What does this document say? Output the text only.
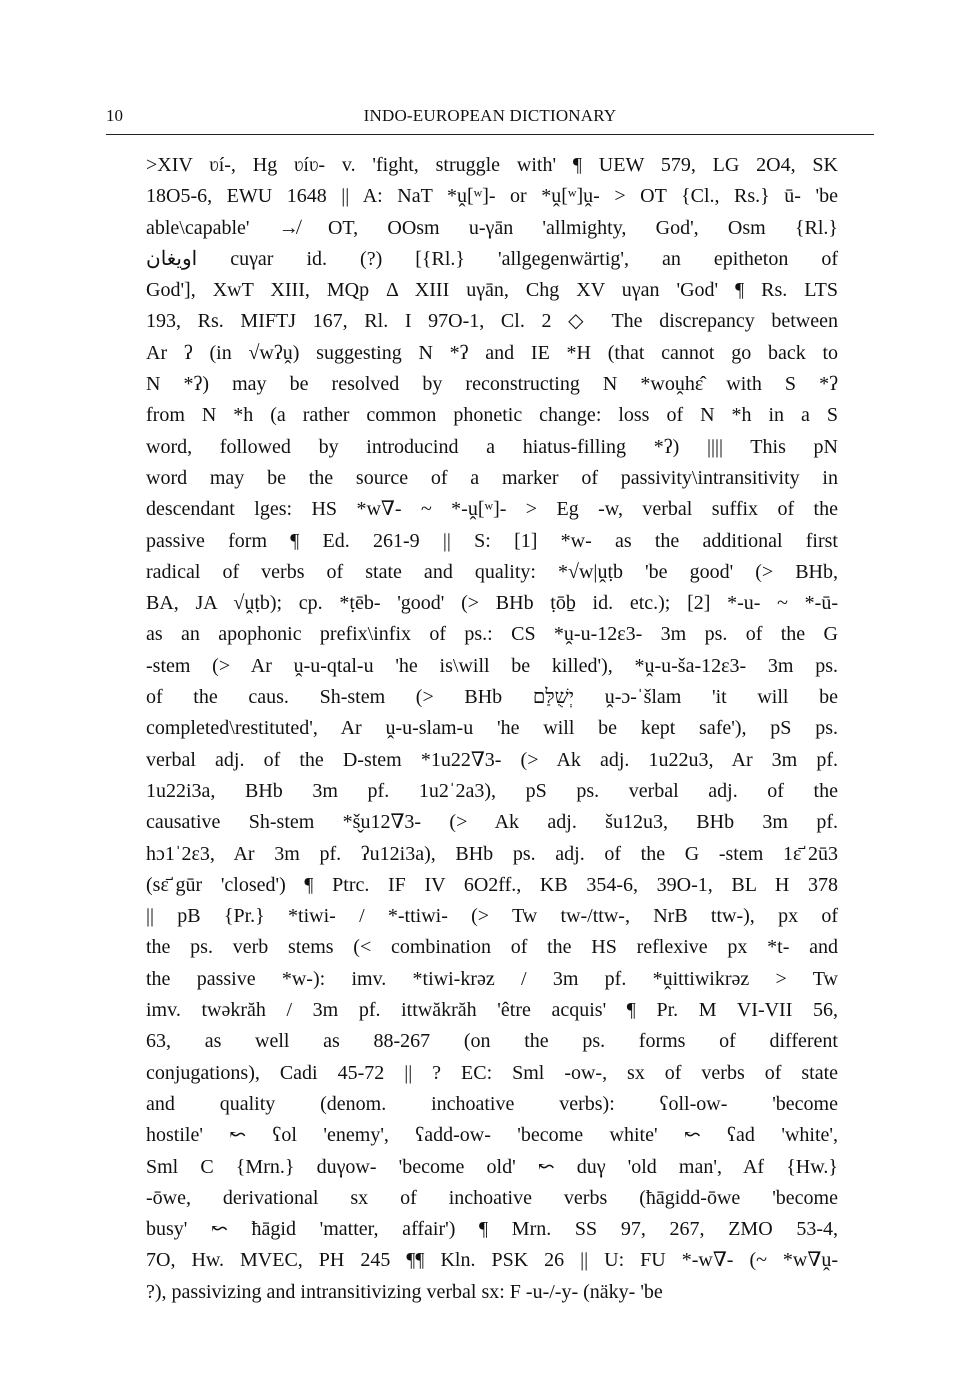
10	INDO-EUROPEAN DICTIONARY
>XIV ʋí-, Hg ʋíʋ- v. 'fight, struggle with' ¶ UEW 579, LG 2O4, SK
18O5-6, EWU 1648 || A: NaT *ṷ[ʷ]- or *ṷ[ʷ]ṷ- > OT {Cl., Rs.} ū- 'be
able\capable' ↛ OT, OOsm u-γān 'allmighty, God', Osm {Rl.}
اويغان cuγar id. (?) [{Rl.} 'allgegenwärtig', an epitheton of
God'], XwT XIII, MQp Δ XIII uγān, Chg XV uγan 'God' ¶ Rs. LTS
193, Rs. MIFTJ 167, Rl. I 97O-1, Cl. 2 ◇ The discrepancy between
Ar ʔ (in √wʔṷ) suggesting N *ʔ and IE *H (that cannot go back to
N *ʔ) may be resolved by reconstructing N *woṷhɛ̂ with S *ʔ
from N *h (a rather common phonetic change: loss of N *h in a S
word, followed by introducind a hiatus-filling *ʔ) |||| This pN
word may be the source of a marker of passivity\intransitivity in
descendant lges: HS *w∇- ~ *-ṷ[ʷ]- > Eg -w, verbal suffix of the
passive form ¶ Ed. 261-9 || S: [1] *w- as the additional first
radical of verbs of state and quality: *√w|ṷṭb 'be good' (> BHb,
BA, JA √ṷṭb); cp. *ṭēb- 'good' (> BHb ṭōḇ id. etc.); [2] *-u- ~ *-ū-
as an apophonic prefix\infix of ps.: CS *ṷ-u-12ɛ3- 3m ps. of the G
-stem (> Ar ṷ-u-qtal-u 'he is\will be killed'), *ṷ-u-ša-12ɛ3- 3m ps.
of the caus. Sh-stem (> BHb יְשֻׁלַּם ṷ-ɔ-ˈšlam 'it will be
completed\restituted', Ar ṷ-u-slam-u 'he will be kept safe'), pS ps.
verbal adj. of the D-stem *1u22∇3- (> Ak adj. 1u22u3, Ar 3m pf.
1u22i3a, BHb 3m pf. 1u2ˈ2a3), pS ps. verbal adj. of the
causative Sh-stem *š̬u12∇3- (> Ak adj. šu12u3, BHb 3m pf.
hɔ1ˈ2ɛ3, Ar 3m pf. ʔu12i3a), BHb ps. adj. of the G -stem 1ɛ̄ˈ2ū3
(sɛ̄ˈgūr 'closed') ¶ Ptrc. IF IV 6O2ff., KB 354-6, 39O-1, BL H 378
|| pB {Pr.} *tiwi- / *-ttiwi- (> Tw tw-/ttw-, NrB ttw-), px of
the ps. verb stems (< combination of the HS reflexive px *t- and
the passive *w-): imv. *tiwi-krəz / 3m pf. *ṷittiwikrəz > Tw
imv. twəkrăh / 3m pf. ittwăkrăh 'être acquis' ¶ Pr. M VI-VII 56,
63, as well as 88-267 (on the ps. forms of different
conjugations), Cadi 45-72 || ? EC: Sml -ow-, sx of verbs of state
and quality (denom. inchoative verbs): ʕoll-ow- 'become
hostile' ↜ ʕol 'enemy', ʕadd-ow- 'become white' ↜ ʕad 'white',
Sml C {Mrn.} duγow- 'become old' ↜ duγ 'old man', Af {Hw.}
-ōwe, derivational sx of inchoative verbs (ħāgidd-ōwe 'become
busy' ↜ ħāgid 'matter, affair') ¶ Mrn. SS 97, 267, ZMO 53-4,
7O, Hw. MVEC, PH 245 ¶¶ Kln. PSK 26 || U: FU *-w∇- (~ *w∇ṷ-
?), passivizing and intransitivizing verbal sx: F -u-/-y- (näky- 'be
